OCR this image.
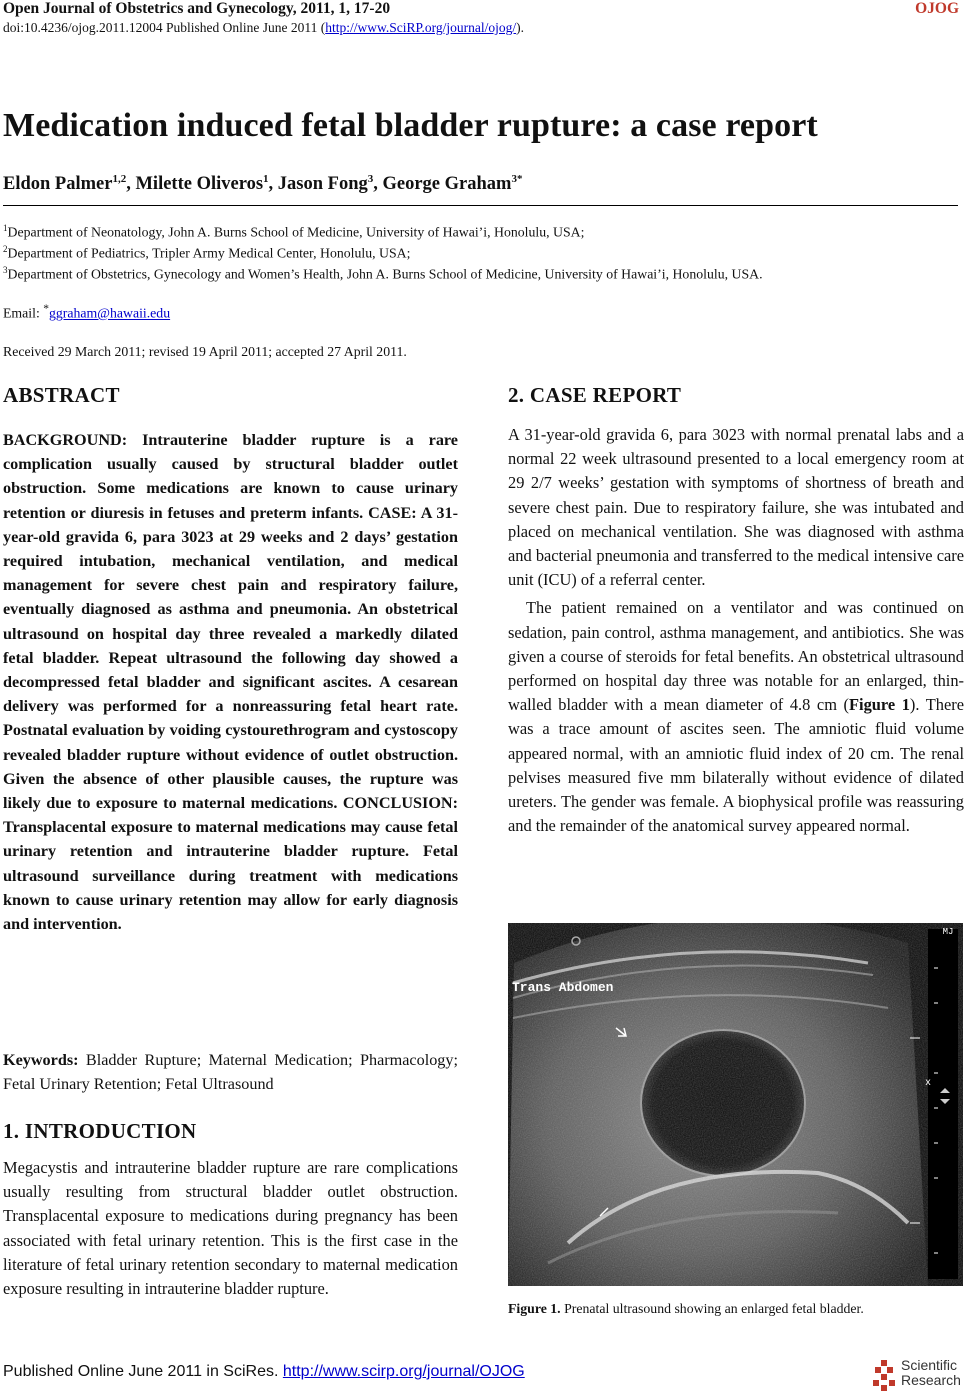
Open Journal of Obstetrics and Gynecology, 2011, 1, 17-20	OJOG
doi:10.4236/ojog.2011.12004 Published Online June 2011 (http://www.SciRP.org/journal/ojog/).
Medication induced fetal bladder rupture: a case report
Eldon Palmer$^{1,2}$, Milette Oliveros$^1$, Jason Fong$^3$, George Graham$^{3*}$
$^1$Department of Neonatology, John A. Burns School of Medicine, University of Hawai’i, Honolulu, USA;
$^2$Department of Pediatrics, Tripler Army Medical Center, Honolulu, USA;
$^3$Department of Obstetrics, Gynecology and Women’s Health, John A. Burns School of Medicine, University of Hawai’i, Honolulu, USA.
Email: *ggraham@hawaii.edu
Received 29 March 2011; revised 19 April 2011; accepted 27 April 2011.
ABSTRACT

BACKGROUND: Intrauterine bladder rupture is a rare complication usually caused by structural bladder outlet obstruction. Some medications are known to cause urinary retention or diuresis in fetuses and preterm infants. CASE: A 31-year-old gravida 6, para 3023 at 29 weeks and 2 days’ gestation required intubation, mechanical ventilation, and medical management for severe chest pain and respiratory failure, eventually diagnosed as asthma and pneumonia. An obstetrical ultrasound on hospital day three revealed a markedly dilated fetal bladder. Repeat ultrasound the following day showed a decompressed fetal bladder and significant ascites. A cesarean delivery was performed for a nonreassuring fetal heart rate. Postnatal evaluation by voiding cystourethrogram and cystoscopy revealed bladder rupture without evidence of outlet obstruction. Given the absence of other plausible causes, the rupture was likely due to exposure to maternal medications. CONCLUSION: Transplacental exposure to maternal medications may cause fetal urinary retention and intrauterine bladder rupture. Fetal ultrasound surveillance during treatment with medications known to cause urinary retention may allow for early diagnosis and intervention.

Keywords: Bladder Rupture; Maternal Medication; Pharmacology; Fetal Urinary Retention; Fetal Ultrasound
1. INTRODUCTION

Megacystis and intrauterine bladder rupture are rare complications usually resulting from structural bladder outlet obstruction. Transplacental exposure to medications during pregnancy has been associated with fetal urinary retention. This is the first case in the literature of fetal urinary retention secondary to maternal medication exposure resulting in intrauterine bladder rupture.

2. CASE REPORT

A 31-year-old gravida 6, para 3023 with normal prenatal labs and a normal 22 week ultrasound presented to a local emergency room at 29 2/7 weeks’ gestation with symptoms of shortness of breath and severe chest pain. Due to respiratory failure, she was intubated and placed on mechanical ventilation. She was diagnosed with asthma and bacterial pneumonia and transferred to the medical intensive care unit (ICU) of a referral center.

The patient remained on a ventilator and was continued on sedation, pain control, asthma management, and antibiotics. She was given a course of steroids for fetal benefits. An obstetrical ultrasound performed on hospital day three was notable for an enlarged, thin-walled bladder with a mean diameter of 4.8 cm (Figure 1). There was a trace amount of ascites seen. The amniotic fluid volume appeared normal, with an amniotic fluid index of 20 cm. The renal pelvises measured five mm bilaterally without evidence of dilated ureters. The gender was female. A biophysical profile was reassuring and the remainder of the anatomical survey appeared normal.

MJ
x
Trans Abdomen
Figure 1. Prenatal ultrasound showing an enlarged fetal bladder.
Published Online June 2011 in SciRes. http://www.scirp.org/journal/OJOG	Scientific
Research
